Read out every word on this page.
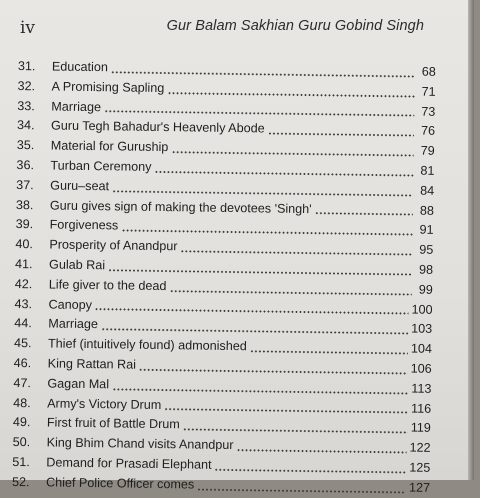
iv	Gur Balam Sakhian Guru Gobind Singh
31.	Education	68
32.	A Promising Sapling	71
33.	Marriage	73
34.	Guru Tegh Bahadur's Heavenly Abode	76
35.	Material for Guruship	79
36.	Turban Ceremony	81
37.	Guru–seat	84
38.	Guru gives sign of making the devotees 'Singh'	88
39.	Forgiveness	91
40.	Prosperity of Anandpur	95
41.	Gulab Rai	98
42.	Life giver to the dead	99
43.	Canopy	100
44.	Marriage	103
45.	Thief (intuitively found) admonished	104
46.	King Rattan Rai	106
47.	Gagan Mal	113
48.	Army's Victory Drum	116
49.	First fruit of Battle Drum	119
50.	King Bhim Chand visits Anandpur	122
51.	Demand for Prasadi Elephant	125
52.	Chief Police Officer comes	127
